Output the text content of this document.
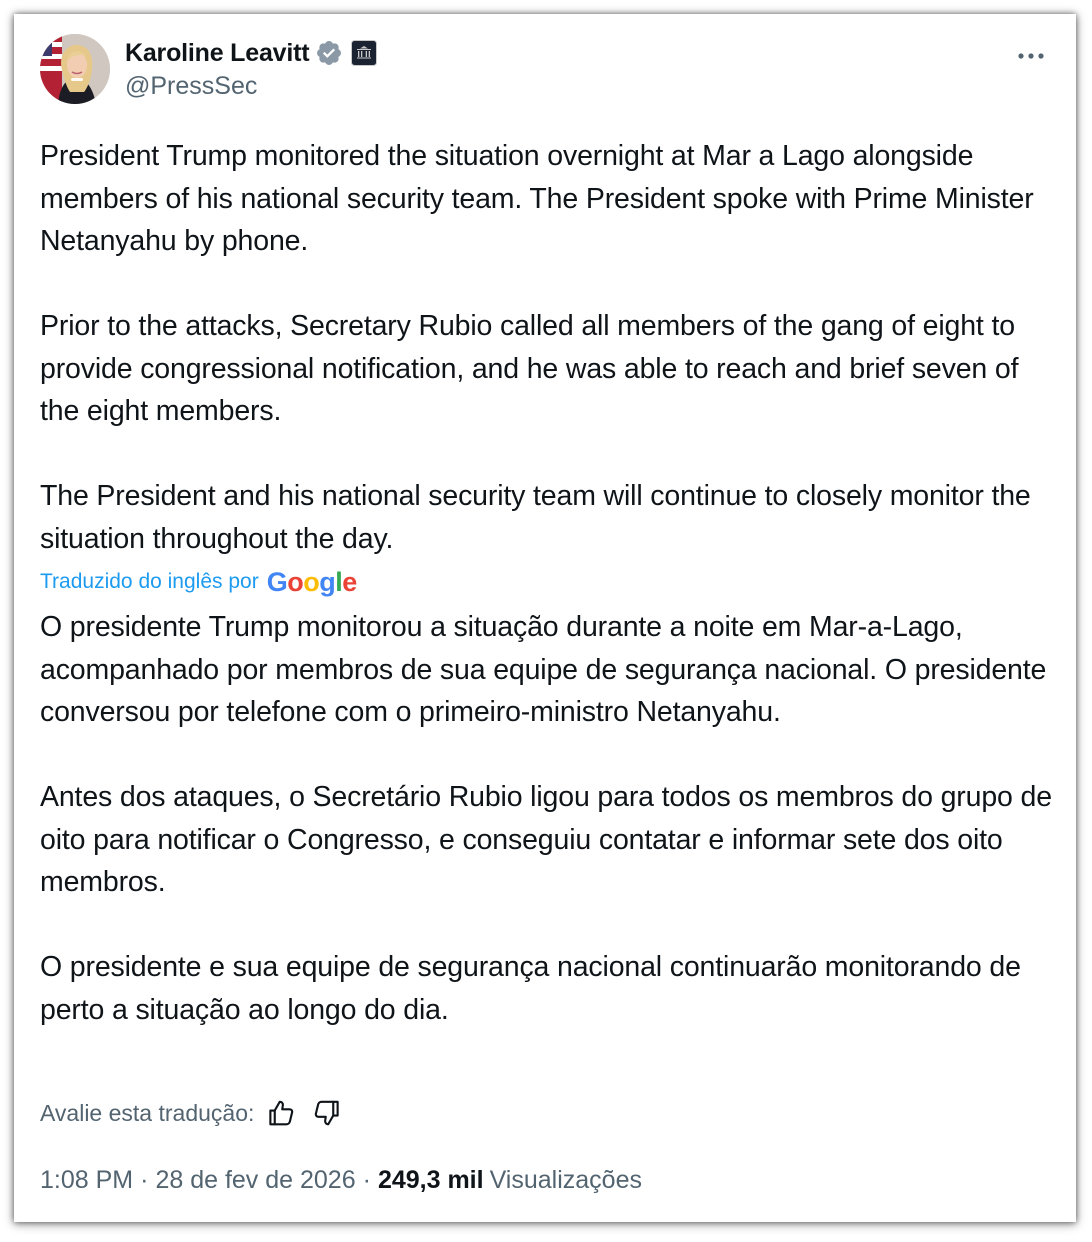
Karoline Leavitt
@PressSec

President Trump monitored the situation overnight at Mar a Lago alongside members of his national security team. The President spoke with Prime Minister Netanyahu by phone.

Prior to the attacks, Secretary Rubio called all members of the gang of eight to provide congressional notification, and he was able to reach and brief seven of the eight members.

The President and his national security team will continue to closely monitor the situation throughout the day.

Traduzido do inglês por Google

O presidente Trump monitorou a situação durante a noite em Mar-a-Lago, acompanhado por membros de sua equipe de segurança nacional. O presidente conversou por telefone com o primeiro-ministro Netanyahu.

Antes dos ataques, o Secretário Rubio ligou para todos os membros do grupo de oito para notificar o Congresso, e conseguiu contatar e informar sete dos oito membros.

O presidente e sua equipe de segurança nacional continuarão monitorando de perto a situação ao longo do dia.

Avalie esta tradução:
1:08 PM · 28 de fev de 2026 · 249,3 mil Visualizações
